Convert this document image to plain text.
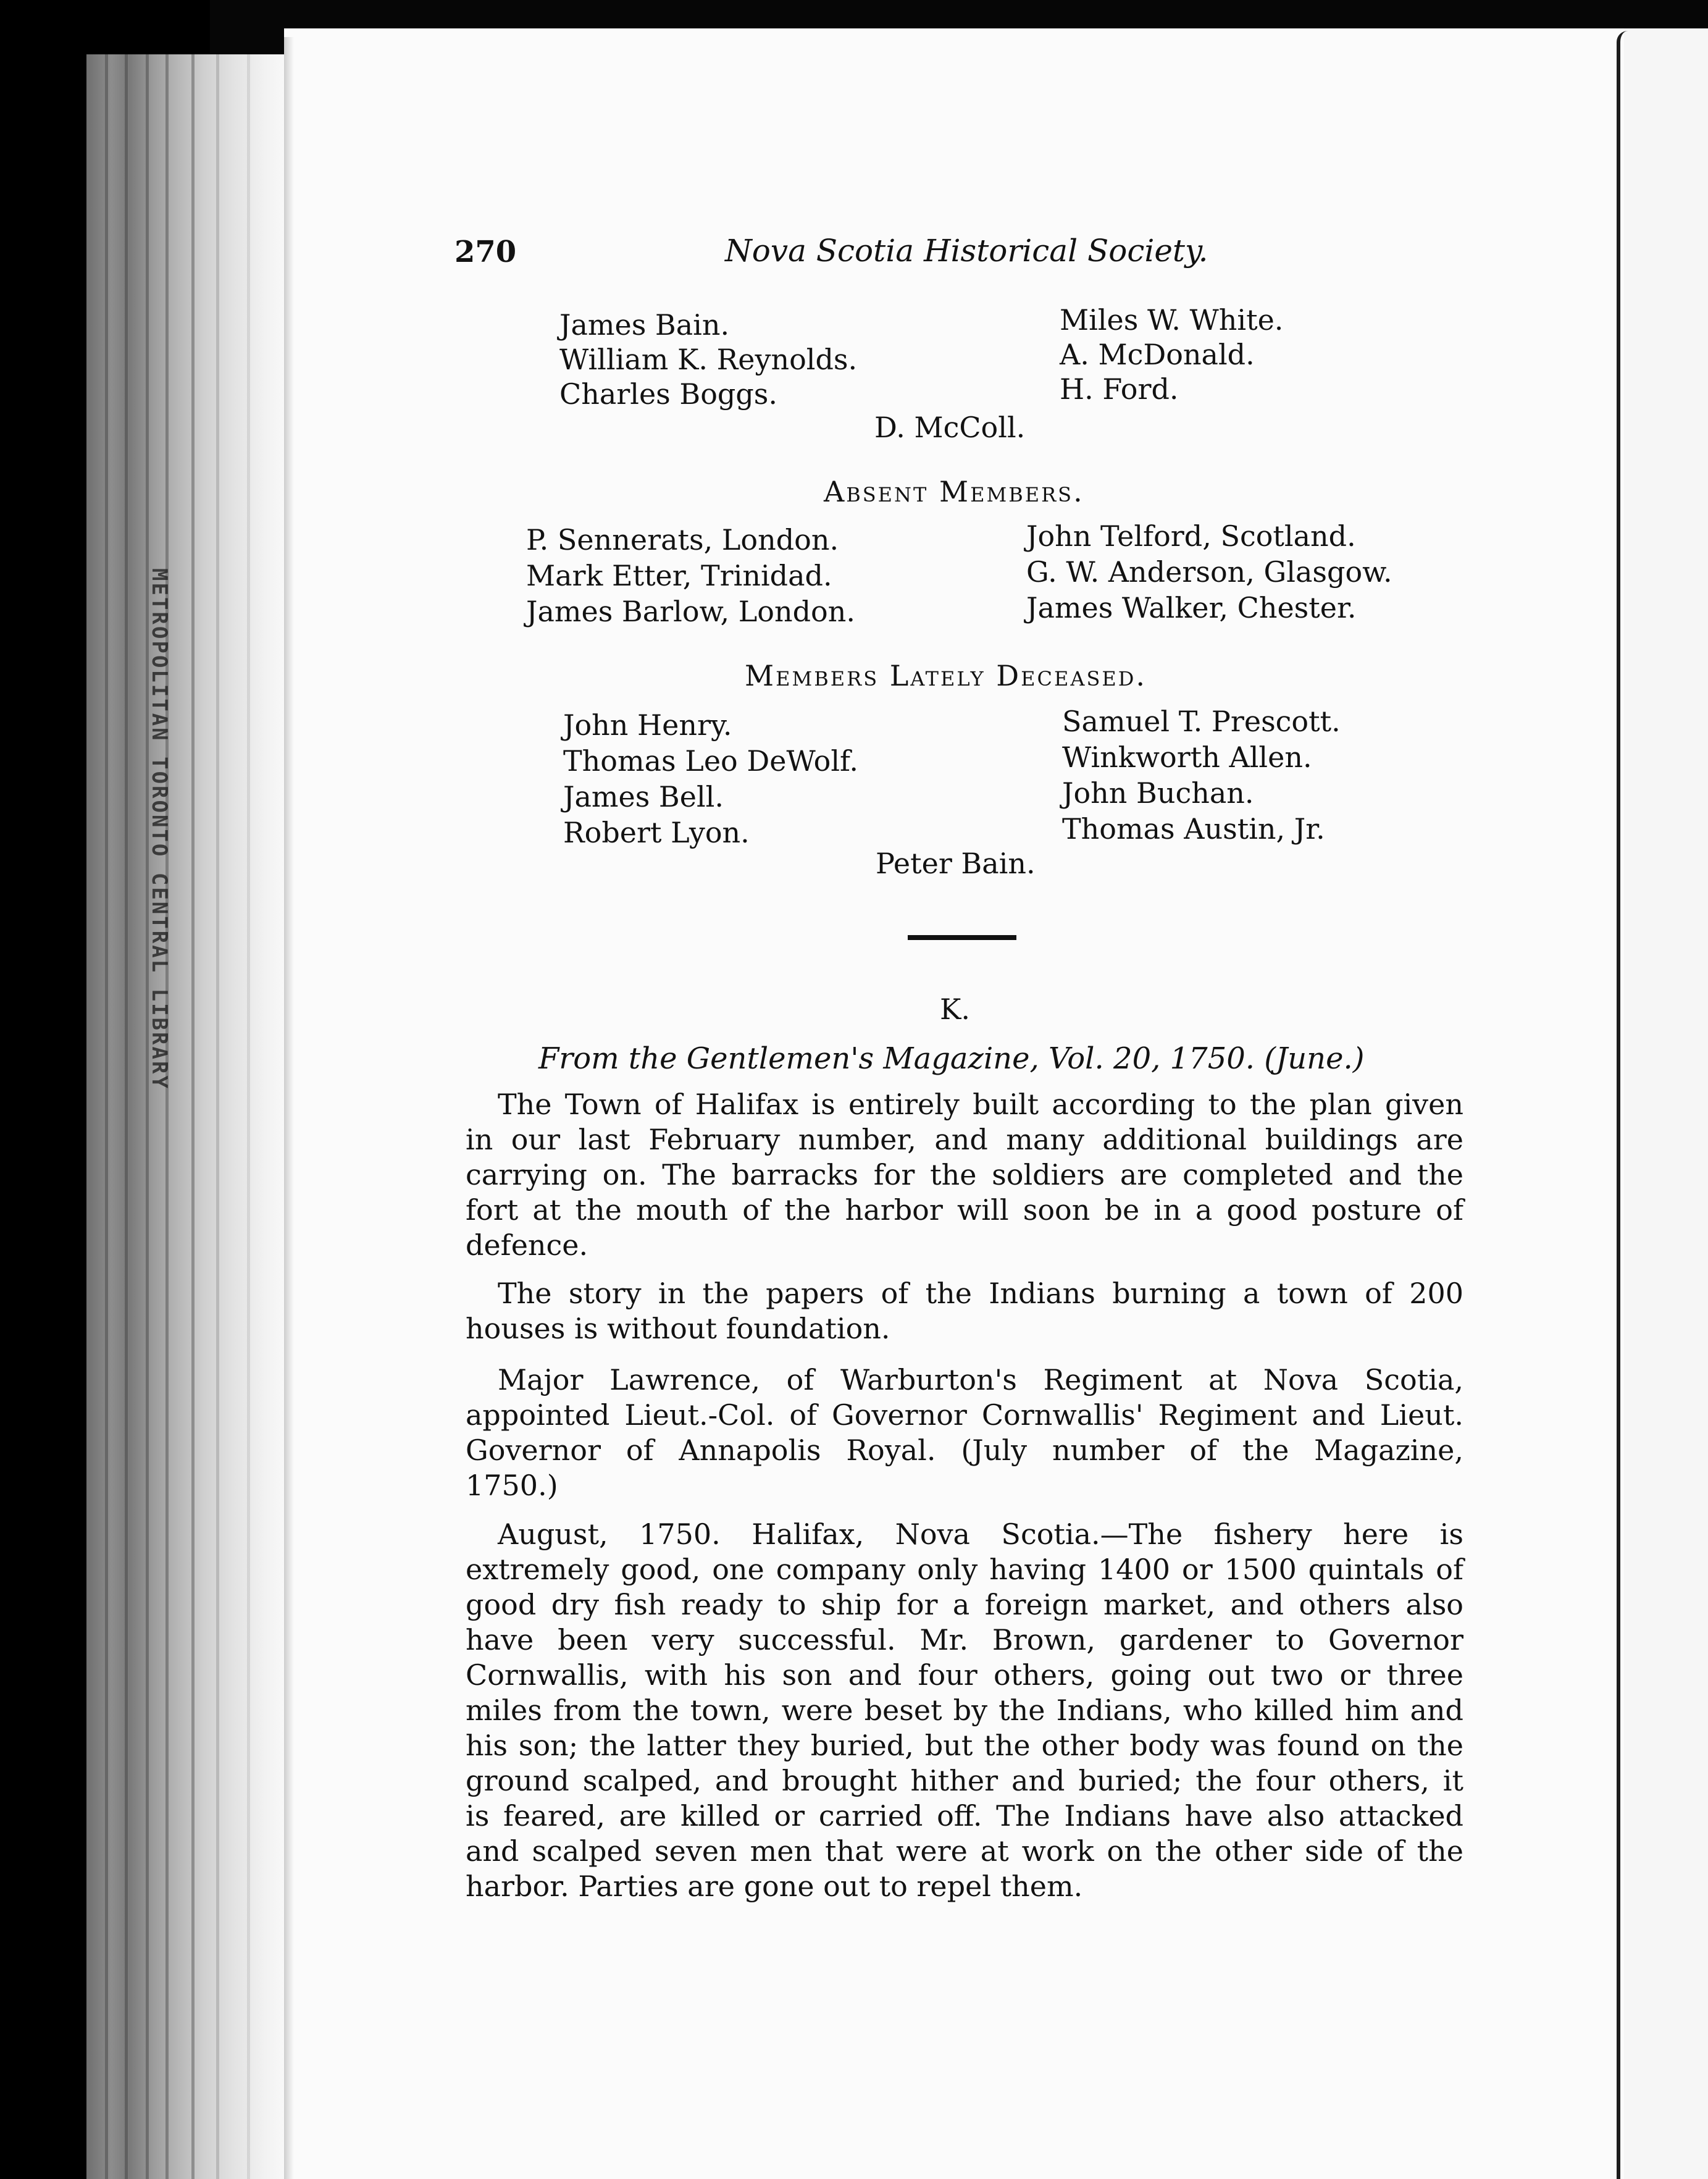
METROPOLITAN TORONTO CENTRAL LIBRARY
270	Nova Scotia Historical Society.
James Bain.
William K. Reynolds.
Charles Boggs.
Miles W. White.
A. McDonald.
H. Ford.
D. McColl.
Absent Members.
P. Sennerats, London.
Mark Etter, Trinidad.
James Barlow, London.
John Telford, Scotland.
G. W. Anderson, Glasgow.
James Walker, Chester.
Members Lately Deceased.
John Henry.
Thomas Leo DeWolf.
James Bell.
Robert Lyon.
Samuel T. Prescott.
Winkworth Allen.
John Buchan.
Thomas Austin, Jr.
Peter Bain.
K.
From the Gentlemen's Magazine, Vol. 20, 1750. (June.)
The Town of Halifax is entirely built according to the plan given
in our last February number, and many additional buildings are
carrying on. The barracks for the soldiers are completed and the
fort at the mouth of the harbor will soon be in a good posture of
defence.
The story in the papers of the Indians burning a town of 200
houses is without foundation.
Major Lawrence, of Warburton's Regiment at Nova Scotia,
appointed Lieut.-Col. of Governor Cornwallis' Regiment and Lieut.
Governor of Annapolis Royal. (July number of the Magazine,
1750.)
August, 1750. Halifax, Nova Scotia.—The fishery here is
extremely good, one company only having 1400 or 1500 quintals of
good dry fish ready to ship for a foreign market, and others also
have been very successful. Mr. Brown, gardener to Governor
Cornwallis, with his son and four others, going out two or three
miles from the town, were beset by the Indians, who killed him and
his son; the latter they buried, but the other body was found on the
ground scalped, and brought hither and buried; the four others, it
is feared, are killed or carried off. The Indians have also attacked
and scalped seven men that were at work on the other side of the
harbor. Parties are gone out to repel them.
